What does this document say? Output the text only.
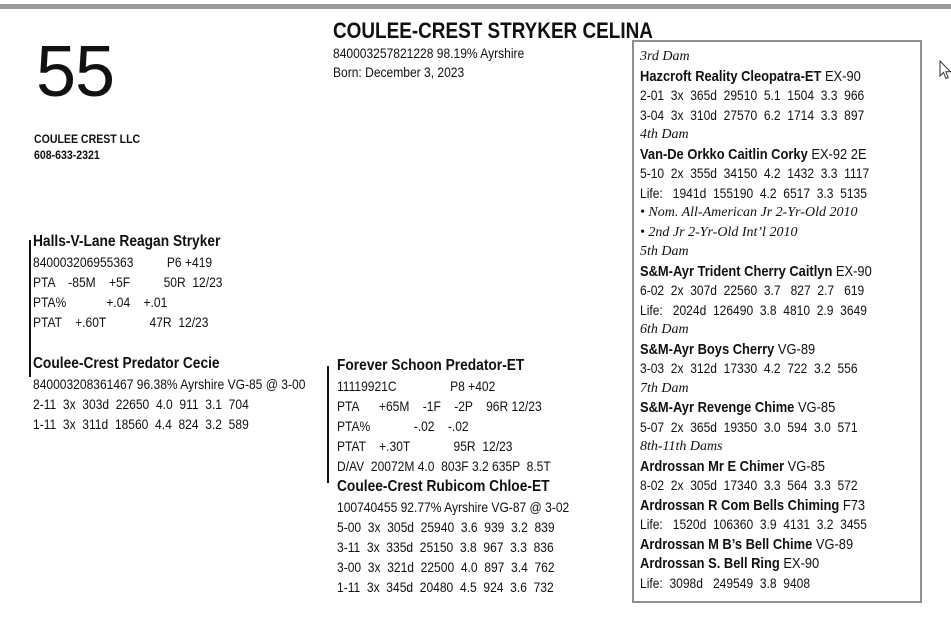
55
COULEE CREST LLC
608-633-2321
COULEE-CREST STRYKER CELINA
840003257821228 98.19% Ayrshire
Born: December 3, 2023
Halls-V-Lane Reagan Stryker
840003206955363          P6 +419
PTA    -85M    +5F          50R  12/23
PTA%            +.04    +.01
PTAT    +.60T             47R  12/23
Coulee-Crest Predator Cecie
840003208361467 96.38% Ayrshire VG-85 @ 3-00
2-11  3x  303d  22650  4.0  911  3.1  704
1-11  3x  311d  18560  4.4  824  3.2  589
Forever Schoon Predator-ET
11119921C                P8 +402
PTA      +65M    -1F    -2P    96R 12/23
PTA%             -.02    -.02
PTAT    +.30T             95R  12/23
D/AV  20072M 4.0  803F 3.2 635P  8.5T
Coulee-Crest Rubicom Chloe-ET
100740455 92.77% Ayrshire VG-87 @ 3-02
5-00  3x  305d  25940  3.6  939  3.2  839
3-11  3x  335d  25150  3.8  967  3.3  836
3-00  3x  321d  22500  4.0  897  3.4  762
1-11  3x  345d  20480  4.5  924  3.6  732
3rd Dam
Hazcroft Reality Cleopatra-ET EX-90
2-01  3x  365d  29510  5.1  1504  3.3  966
3-04  3x  310d  27570  6.2  1714  3.3  897
4th Dam
Van-De Orkko Caitlin Corky EX-92 2E
5-10  2x  355d  34150  4.2  1432  3.3  1117
Life:   1941d  155190  4.2  6517  3.3  5135
• Nom. All-American Jr 2-Yr-Old 2010
• 2nd Jr 2-Yr-Old Int’l 2010
5th Dam
S&M-Ayr Trident Cherry Caitlyn EX-90
6-02  2x  307d  22560  3.7   827  2.7   619
Life:   2024d  126490  3.8  4810  2.9  3649
6th Dam
S&M-Ayr Boys Cherry VG-89
3-03  2x  312d  17330  4.2  722  3.2  556
7th Dam
S&M-Ayr Revenge Chime VG-85
5-07  2x  365d  19350  3.0  594  3.0  571
8th-11th Dams
Ardrossan Mr E Chimer VG-85
8-02  2x  305d  17340  3.3  564  3.3  572
Ardrossan R Com Bells Chiming F73
Life:   1520d  106360  3.9  4131  3.2  3455
Ardrossan M B’s Bell Chime VG-89
Ardrossan S. Bell Ring EX-90
Life:  3098d   249549  3.8  9408
